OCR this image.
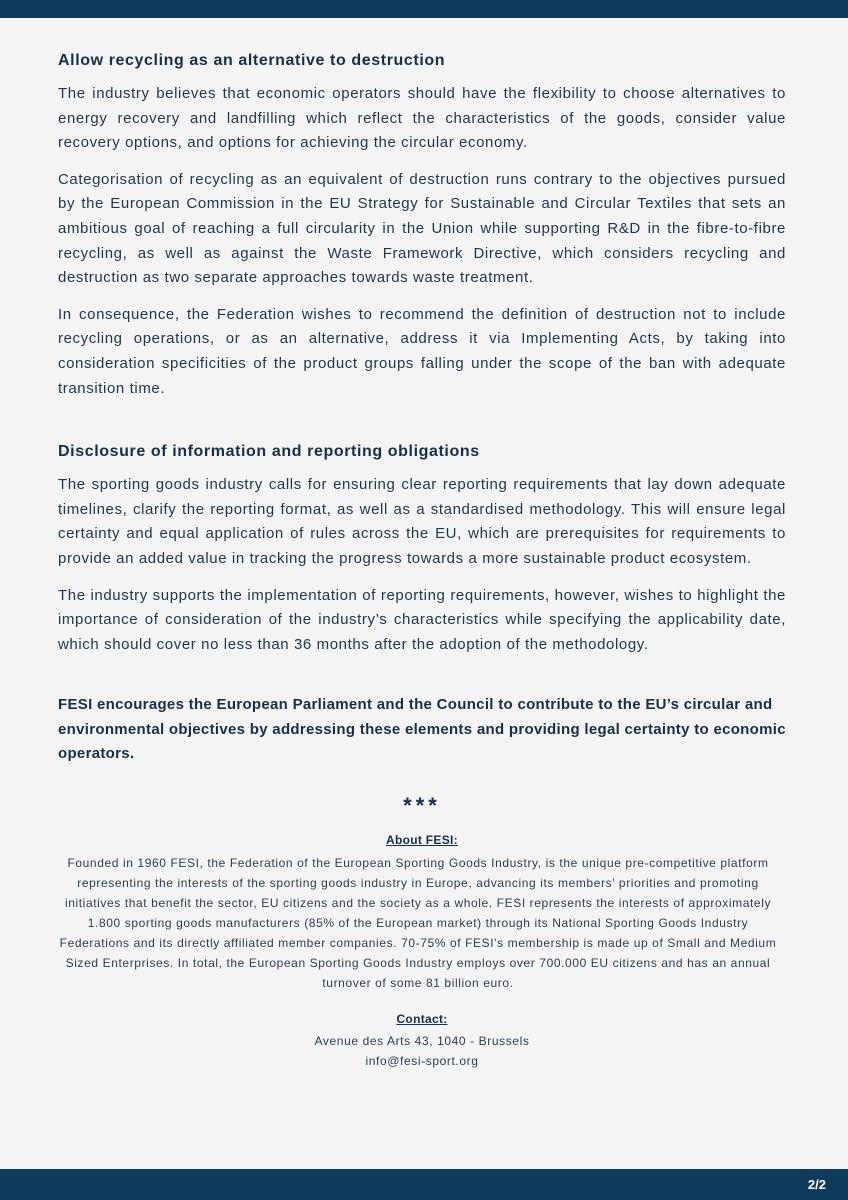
Allow recycling as an alternative to destruction

The industry believes that economic operators should have the flexibility to choose alternatives to energy recovery and landfilling which reflect the characteristics of the goods, consider value recovery options, and options for achieving the circular economy.

Categorisation of recycling as an equivalent of destruction runs contrary to the objectives pursued by the European Commission in the EU Strategy for Sustainable and Circular Textiles that sets an ambitious goal of reaching a full circularity in the Union while supporting R&D in the fibre-to-fibre recycling, as well as against the Waste Framework Directive, which considers recycling and destruction as two separate approaches towards waste treatment.

In consequence, the Federation wishes to recommend the definition of destruction not to include recycling operations, or as an alternative, address it via Implementing Acts, by taking into consideration specificities of the product groups falling under the scope of the ban with adequate transition time.

Disclosure of information and reporting obligations

The sporting goods industry calls for ensuring clear reporting requirements that lay down adequate timelines, clarify the reporting format, as well as a standardised methodology. This will ensure legal certainty and equal application of rules across the EU, which are prerequisites for requirements to provide an added value in tracking the progress towards a more sustainable product ecosystem.

The industry supports the implementation of reporting requirements, however, wishes to highlight the importance of consideration of the industry’s characteristics while specifying the applicability date, which should cover no less than 36 months after the adoption of the methodology.

FESI encourages the European Parliament and the Council to contribute to the EU’s circular and environmental objectives by addressing these elements and providing legal certainty to economic operators.

***
About FESI:
Founded in 1960 FESI, the Federation of the European Sporting Goods Industry, is the unique pre-competitive platform representing the interests of the sporting goods industry in Europe, advancing its members’ priorities and promoting initiatives that benefit the sector, EU citizens and the society as a whole. FESI represents the interests of approximately 1.800 sporting goods manufacturers (85% of the European market) through its National Sporting Goods Industry Federations and its directly affiliated member companies. 70-75% of FESI's membership is made up of Small and Medium Sized Enterprises. In total, the European Sporting Goods Industry employs over 700.000 EU citizens and has an annual turnover of some 81 billion euro.
Contact:
Avenue des Arts 43, 1040 - Brussels
info@fesi-sport.org
2/2
